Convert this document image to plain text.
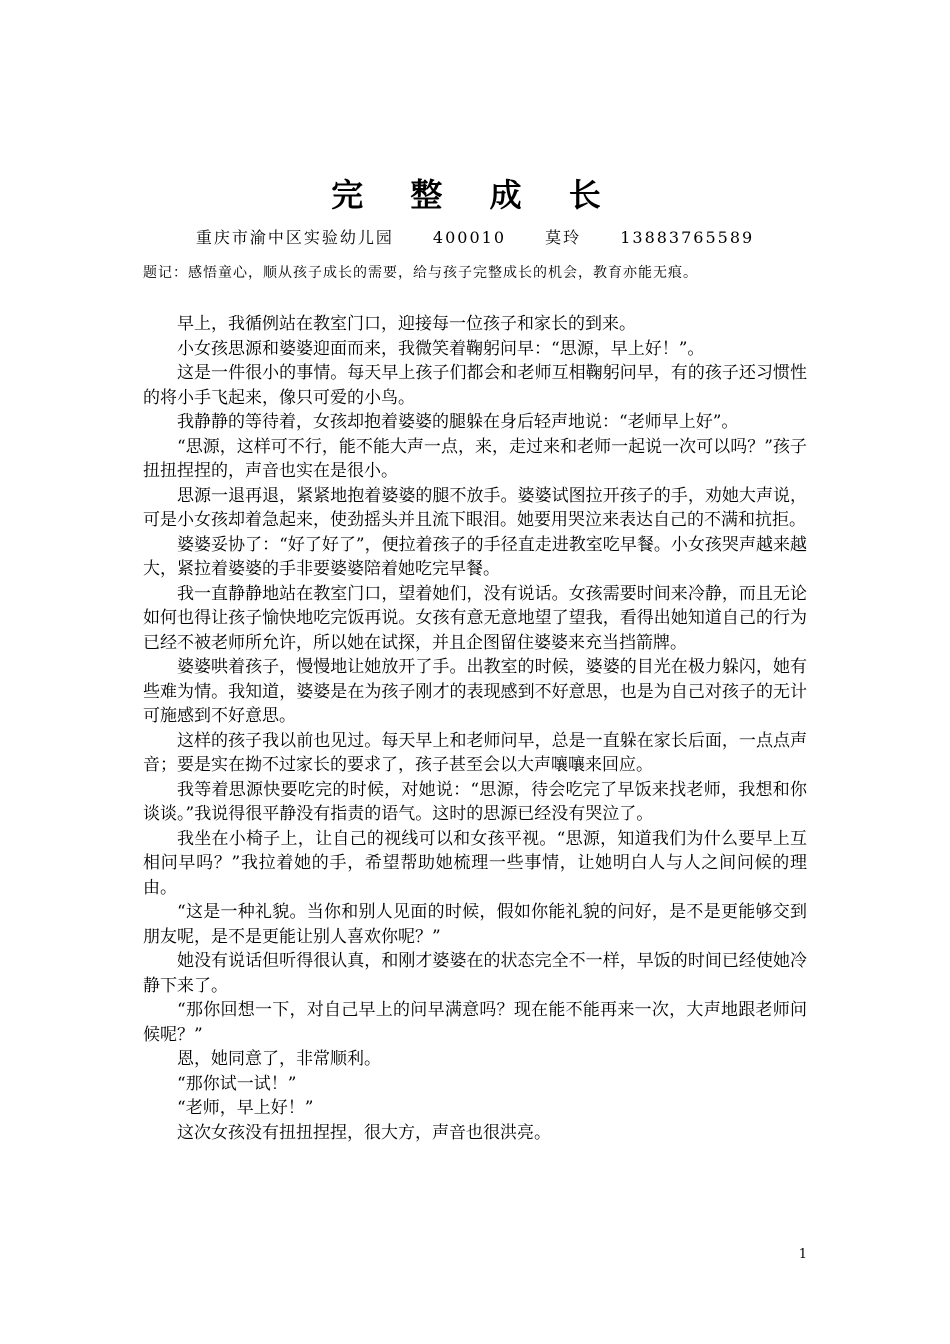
完 整 成 长
重庆市渝中区实验幼儿园 400010 莫玲 13883765589
题记：感悟童心，顺从孩子成长的需要，给与孩子完整成长的机会，教育亦能无痕。

早上，我循例站在教室门口，迎接每一位孩子和家长的到来。

小女孩思源和婆婆迎面而来，我微笑着鞠躬问早：“思源，早上好！”。

这是一件很小的事情。每天早上孩子们都会和老师互相鞠躬问早，有的孩子还习惯性的将小手飞起来，像只可爱的小鸟。

我静静的等待着，女孩却抱着婆婆的腿躲在身后轻声地说：“老师早上好”。

“思源，这样可不行，能不能大声一点，来，走过来和老师一起说一次可以吗？”孩子扭扭捏捏的，声音也实在是很小。

思源一退再退，紧紧地抱着婆婆的腿不放手。婆婆试图拉开孩子的手，劝她大声说，可是小女孩却着急起来，使劲摇头并且流下眼泪。她要用哭泣来表达自己的不满和抗拒。

婆婆妥协了：“好了好了”，便拉着孩子的手径直走进教室吃早餐。小女孩哭声越来越大，紧拉着婆婆的手非要婆婆陪着她吃完早餐。

我一直静静地站在教室门口，望着她们，没有说话。女孩需要时间来冷静，而且无论如何也得让孩子愉快地吃完饭再说。女孩有意无意地望了望我，看得出她知道自己的行为已经不被老师所允许，所以她在试探，并且企图留住婆婆来充当挡箭牌。

婆婆哄着孩子，慢慢地让她放开了手。出教室的时候，婆婆的目光在极力躲闪，她有些难为情。我知道，婆婆是在为孩子刚才的表现感到不好意思，也是为自己对孩子的无计可施感到不好意思。

这样的孩子我以前也见过。每天早上和老师问早，总是一直躲在家长后面，一点点声音；要是实在拗不过家长的要求了，孩子甚至会以大声嚷嚷来回应。

我等着思源快要吃完的时候，对她说：“思源，待会吃完了早饭来找老师，我想和你谈谈。”我说得很平静没有指责的语气。这时的思源已经没有哭泣了。

我坐在小椅子上，让自己的视线可以和女孩平视。“思源，知道我们为什么要早上互相问早吗？”我拉着她的手，希望帮助她梳理一些事情，让她明白人与人之间问候的理由。

“这是一种礼貌。当你和别人见面的时候，假如你能礼貌的问好，是不是更能够交到朋友呢，是不是更能让别人喜欢你呢？”

她没有说话但听得很认真，和刚才婆婆在的状态完全不一样，早饭的时间已经使她冷静下来了。

“那你回想一下，对自己早上的问早满意吗？现在能不能再来一次，大声地跟老师问候呢？”

恩，她同意了，非常顺利。

“那你试一试！”

“老师，早上好！”

这次女孩没有扭扭捏捏，很大方，声音也很洪亮。

1
